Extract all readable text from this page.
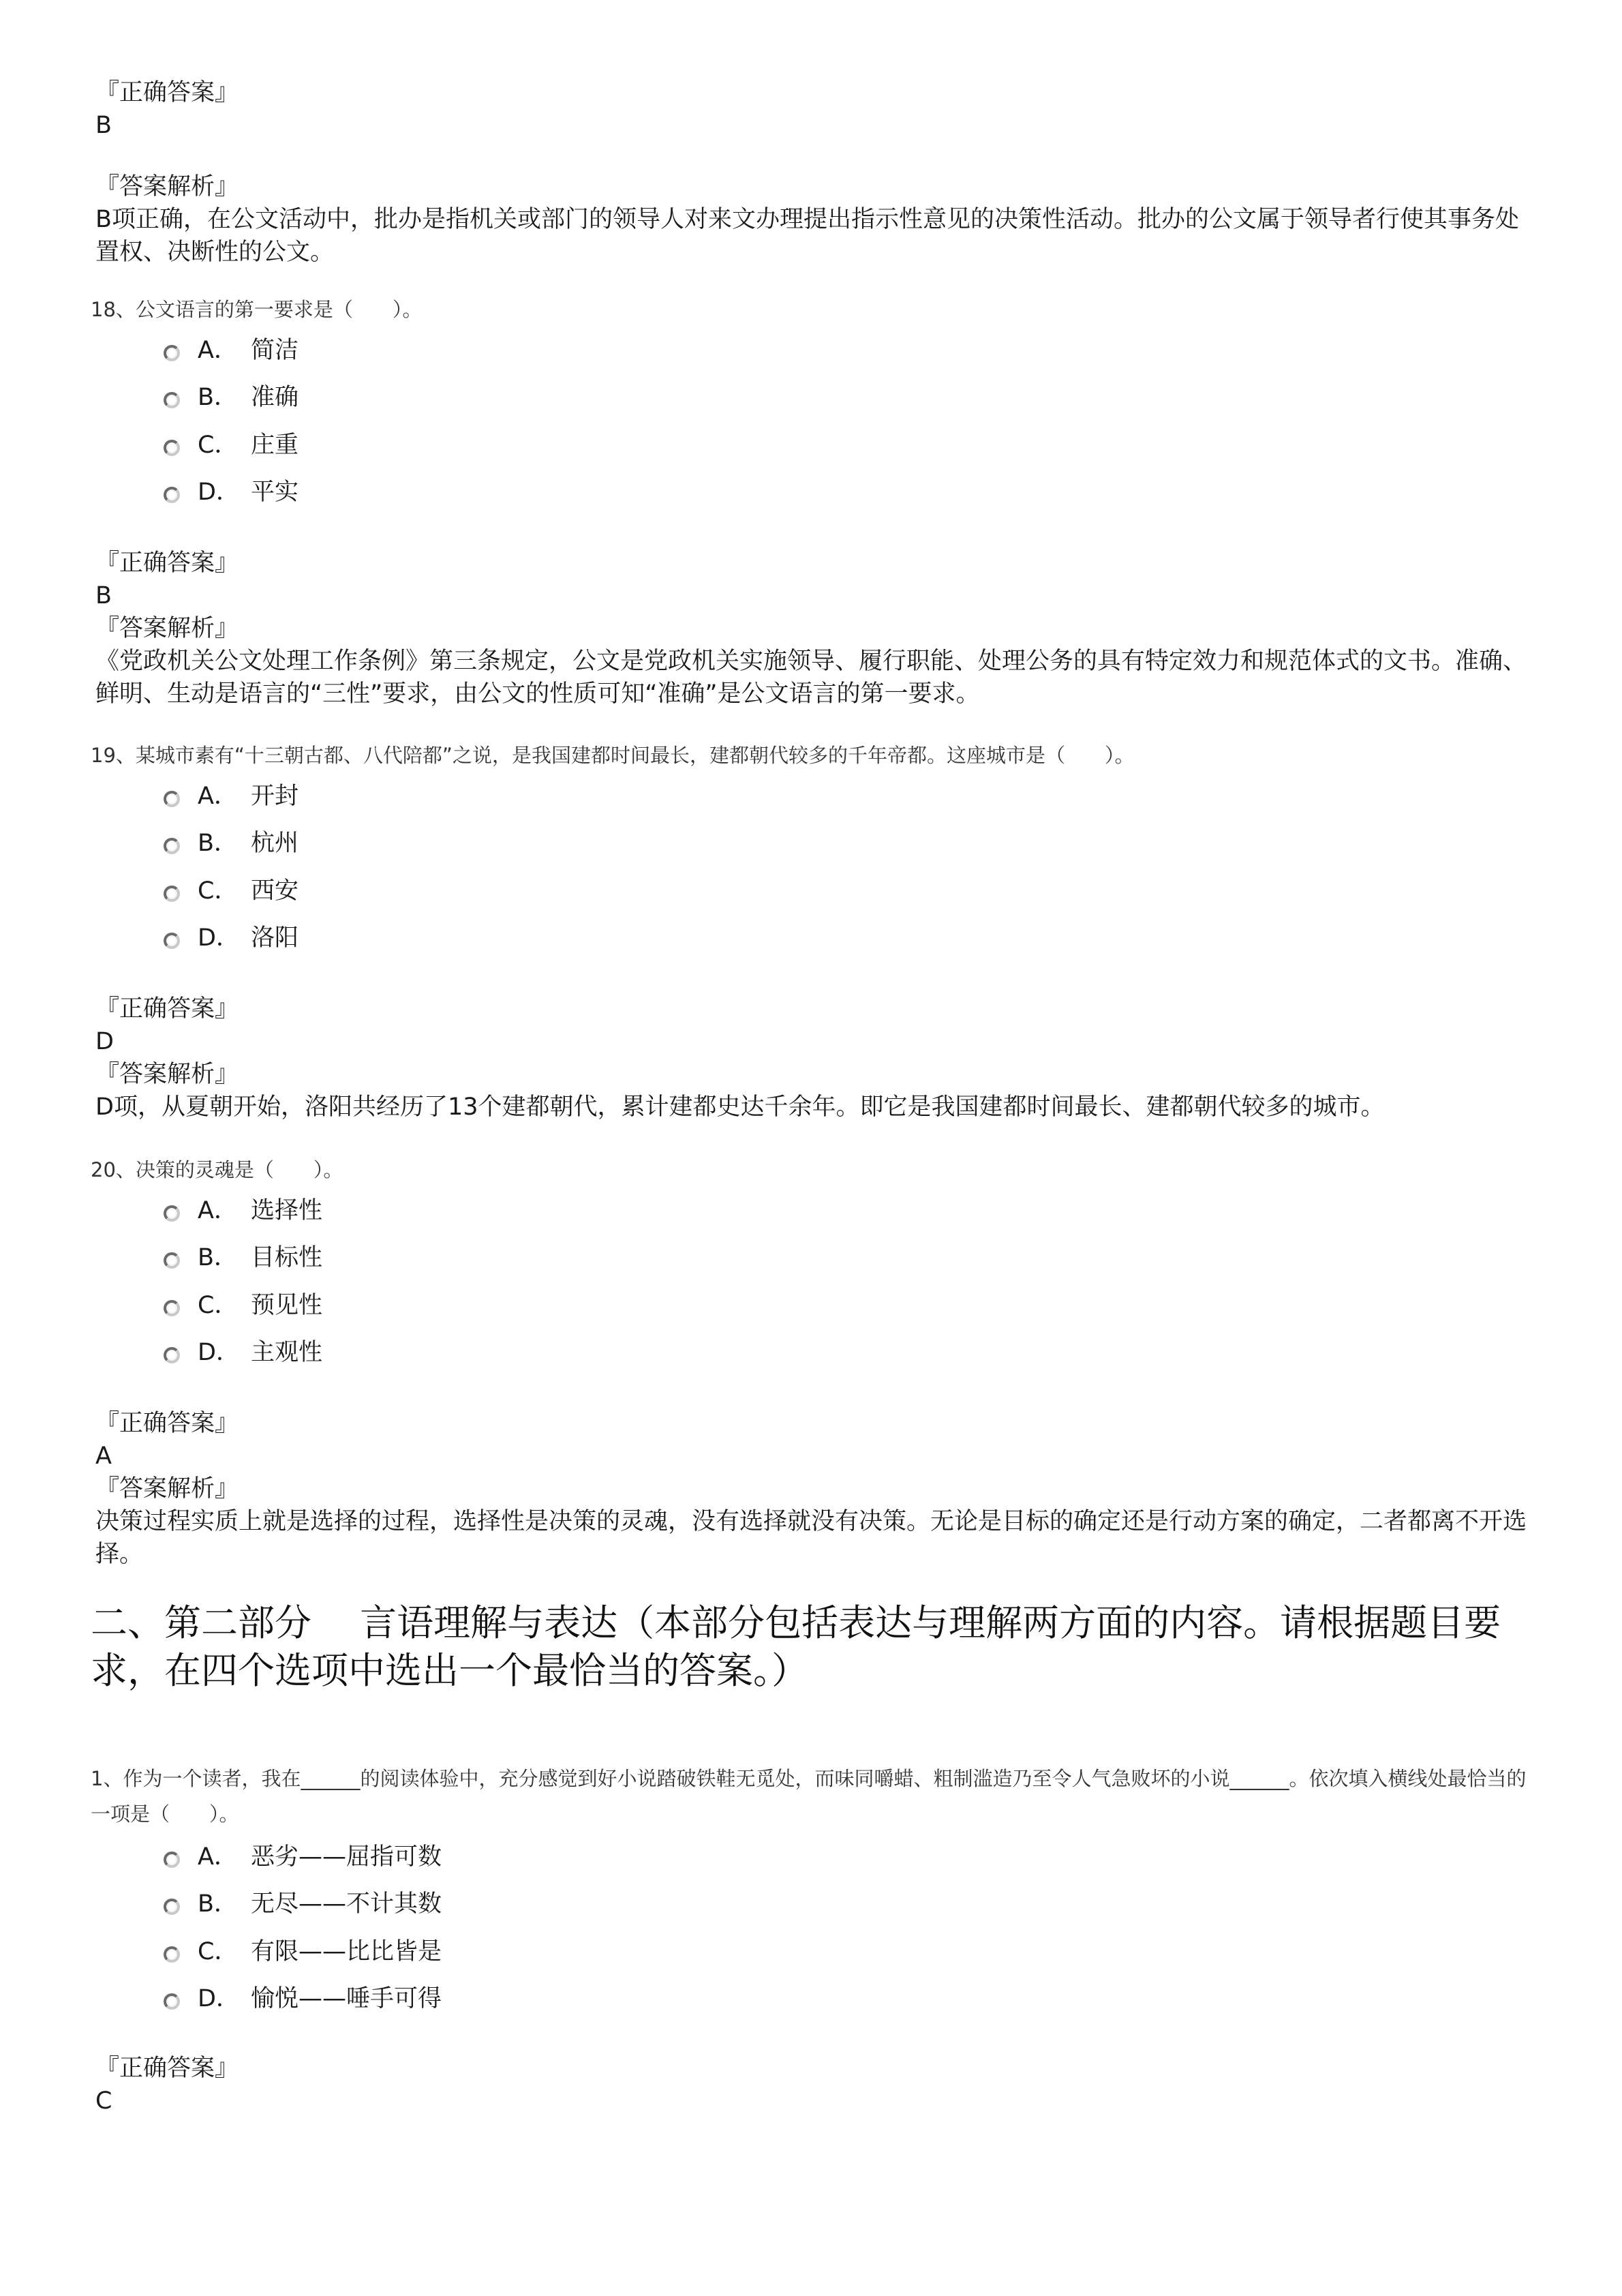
『正确答案』
B
『答案解析』
B项正确，在公文活动中，批办是指机关或部门的领导人对来文办理提出指示性意见的决策性活动。批办的公文属于领导者行使其事务处置权、决断性的公文。
18、公文语言的第一要求是（　　）。
A． 简洁
B． 准确
C． 庄重
D． 平实
『正确答案』
B
『答案解析』
《党政机关公文处理工作条例》第三条规定，公文是党政机关实施领导、履行职能、处理公务的具有特定效力和规范体式的文书。准确、鲜明、生动是语言的“三性”要求，由公文的性质可知“准确”是公文语言的第一要求。
19、某城市素有“十三朝古都、八代陪都”之说，是我国建都时间最长，建都朝代较多的千年帝都。这座城市是（　　）。
A． 开封
B． 杭州
C． 西安
D． 洛阳
『正确答案』
D
『答案解析』
D项，从夏朝开始，洛阳共经历了13个建都朝代，累计建都史达千余年。即它是我国建都时间最长、建都朝代较多的城市。
20、决策的灵魂是（　　）。
A． 选择性
B． 目标性
C． 预见性
D． 主观性
『正确答案』
A
『答案解析』
决策过程实质上就是选择的过程，选择性是决策的灵魂，没有选择就没有决策。无论是目标的确定还是行动方案的确定，二者都离不开选择。
二、第二部分　 言语理解与表达（本部分包括表达与理解两方面的内容。请根据题目要求，在四个选项中选出一个最恰当的答案。）
1、作为一个读者，我在______的阅读体验中，充分感觉到好小说踏破铁鞋无觅处，而味同嚼蜡、粗制滥造乃至令人气急败坏的小说______。依次填入横线处最恰当的一项是（　　）。
A． 恶劣——屈指可数
B． 无尽——不计其数
C． 有限——比比皆是
D． 愉悦——唾手可得
『正确答案』
C
